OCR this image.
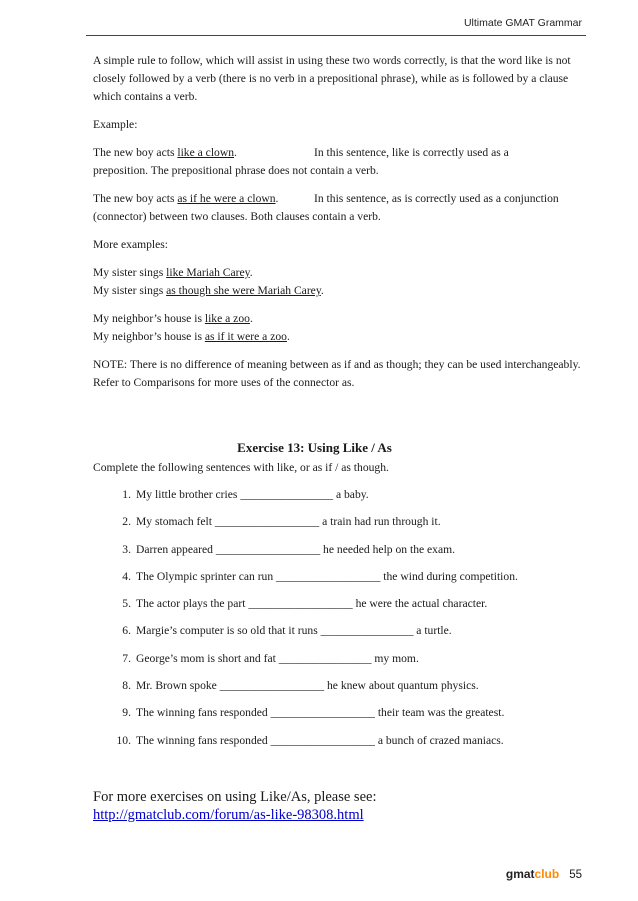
Ultimate GMAT Grammar

A simple rule to follow, which will assist in using these two words correctly, is that the word like is not closely followed by a verb (there is no verb in a prepositional phrase), while as is followed by a clause which contains a verb.

Example:

The new boy acts like a clown.	In this sentence, like is correctly used as a
preposition. The prepositional phrase does not contain a verb.

The new boy acts as if he were a clown.	In this sentence, as is correctly used as a conjunction
(connector) between two clauses. Both clauses contain a verb.

More examples:

My sister sings like Mariah Carey.
My sister sings as though she were Mariah Carey.

My neighbor’s house is like a zoo.
My neighbor’s house is as if it were a zoo.

NOTE: There is no difference of meaning between as if and as though; they can be used interchangeably. Refer to Comparisons for more uses of the connector as.

Exercise 13: Using Like / As
Complete the following sentences with like, or as if / as though.
1. My little brother cries ________________ a baby.
2. My stomach felt __________________ a train had run through it.
3. Darren appeared __________________ he needed help on the exam.
4. The Olympic sprinter can run __________________ the wind during competition.
5. The actor plays the part __________________ he were the actual character.
6. Margie’s computer is so old that it runs ________________ a turtle.
7. George’s mom is short and fat ________________ my mom.
8. Mr. Brown spoke __________________ he knew about quantum physics.
9. The winning fans responded __________________ their team was the greatest.
10. The winning fans responded __________________ a bunch of crazed maniacs.
For more exercises on using Like/As, please see:
http://gmatclub.com/forum/as-like-98308.html
gmatclub 55
